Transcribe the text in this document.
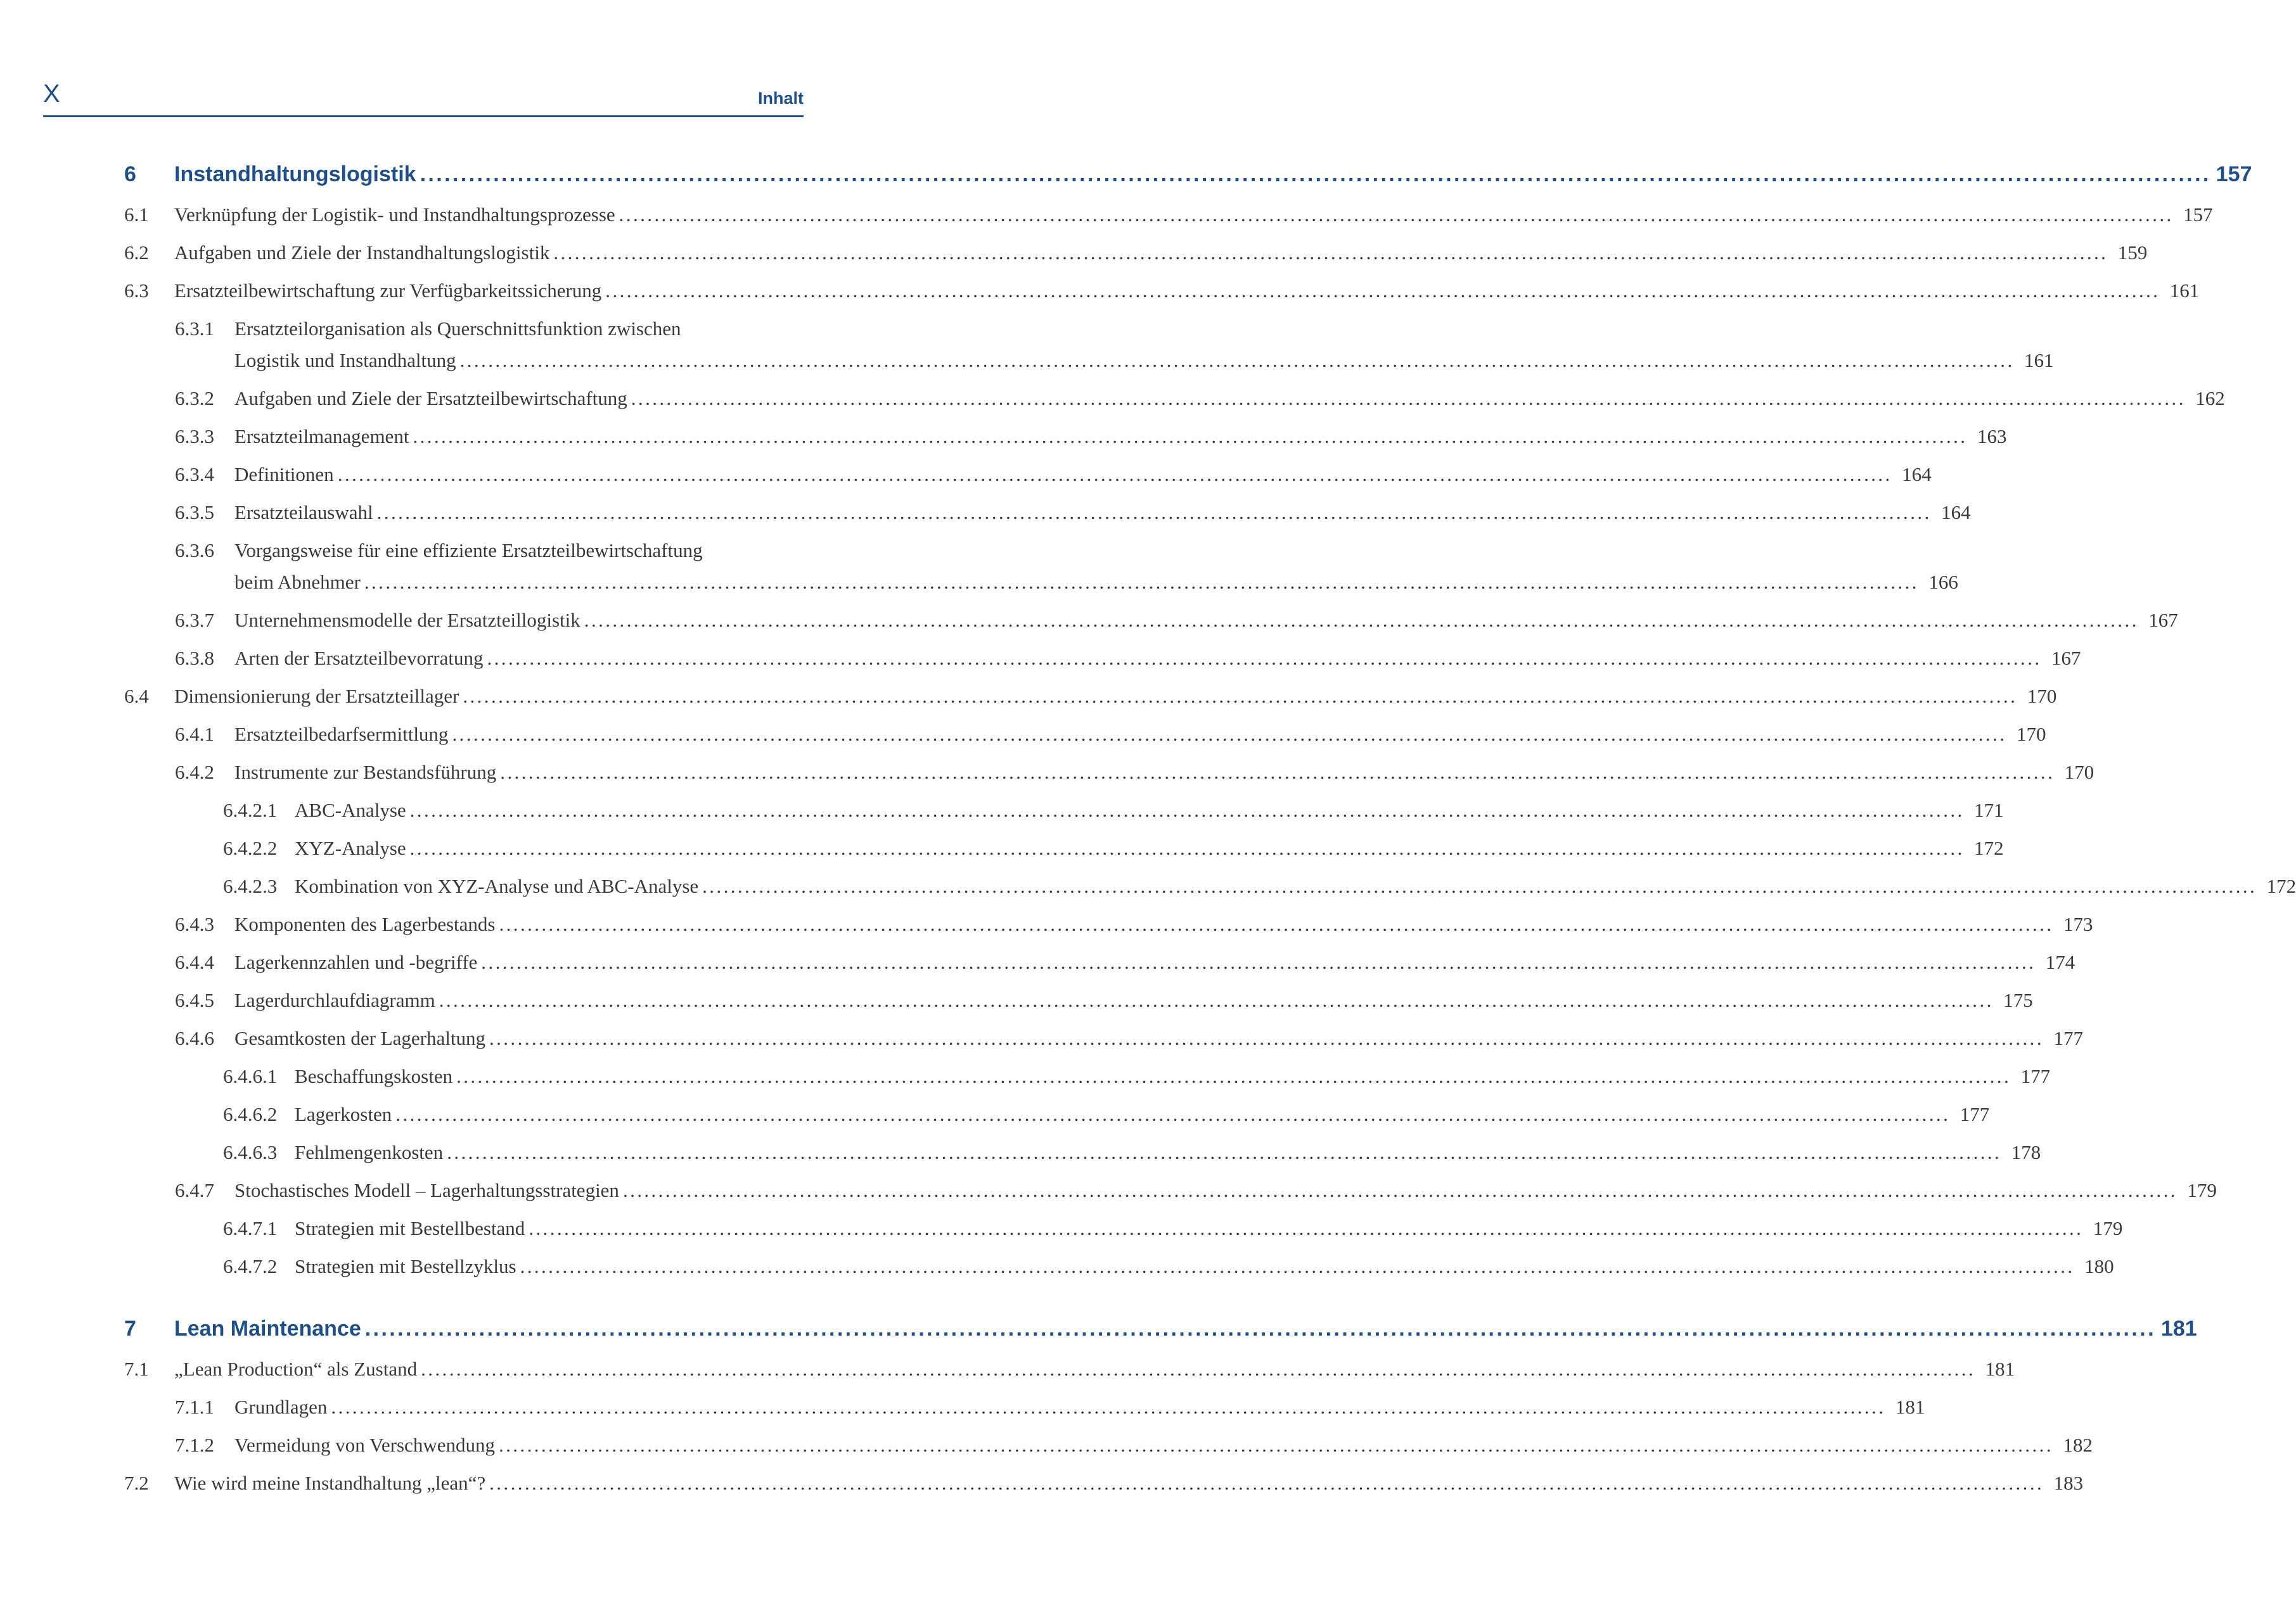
X	Inhalt
6 Instandhaltungslogistik ............................................................................................................................................................................................................................ 157
6.1 Verknüpfung der Logistik- und Instandhaltungsprozesse ............................................................................................................................................................................................................................ 157
6.2 Aufgaben und Ziele der Instandhaltungslogistik ............................................................................................................................................................................................................................ 159
6.3 Ersatzteilbewirtschaftung zur Verfügbarkeitssicherung ............................................................................................................................................................................................................................ 161
6.3.1 Ersatzteilorganisation als Querschnittsfunktion zwischen
Logistik und Instandhaltung ............................................................................................................................................................................................................................ 161
6.3.2 Aufgaben und Ziele der Ersatzteilbewirtschaftung ............................................................................................................................................................................................................................ 162
6.3.3 Ersatzteilmanagement ............................................................................................................................................................................................................................ 163
6.3.4 Definitionen ............................................................................................................................................................................................................................ 164
6.3.5 Ersatzteilauswahl ............................................................................................................................................................................................................................ 164
6.3.6 Vorgangsweise für eine effiziente Ersatzteilbewirtschaftung
beim Abnehmer ............................................................................................................................................................................................................................ 166
6.3.7 Unternehmensmodelle der Ersatzteillogistik ............................................................................................................................................................................................................................ 167
6.3.8 Arten der Ersatzteilbevorratung ............................................................................................................................................................................................................................ 167
6.4 Dimensionierung der Ersatzteillager ............................................................................................................................................................................................................................ 170
6.4.1 Ersatzteilbedarfsermittlung ............................................................................................................................................................................................................................ 170
6.4.2 Instrumente zur Bestandsführung ............................................................................................................................................................................................................................ 170
6.4.2.1 ABC-Analyse ............................................................................................................................................................................................................................ 171
6.4.2.2 XYZ-Analyse ............................................................................................................................................................................................................................ 172
6.4.2.3 Kombination von XYZ-Analyse und ABC-Analyse ............................................................................................................................................................................................................................ 172
6.4.3 Komponenten des Lagerbestands ............................................................................................................................................................................................................................ 173
6.4.4 Lagerkennzahlen und -begriffe ............................................................................................................................................................................................................................ 174
6.4.5 Lagerdurchlaufdiagramm ............................................................................................................................................................................................................................ 175
6.4.6 Gesamtkosten der Lagerhaltung ............................................................................................................................................................................................................................ 177
6.4.6.1 Beschaffungskosten ............................................................................................................................................................................................................................ 177
6.4.6.2 Lagerkosten ............................................................................................................................................................................................................................ 177
6.4.6.3 Fehlmengenkosten ............................................................................................................................................................................................................................ 178
6.4.7 Stochastisches Modell – Lagerhaltungsstrategien ............................................................................................................................................................................................................................ 179
6.4.7.1 Strategien mit Bestellbestand ............................................................................................................................................................................................................................ 179
6.4.7.2 Strategien mit Bestellzyklus ............................................................................................................................................................................................................................ 180
7 Lean Maintenance ............................................................................................................................................................................................................................ 181
7.1 „Lean Production“ als Zustand ............................................................................................................................................................................................................................ 181
7.1.1 Grundlagen ............................................................................................................................................................................................................................ 181
7.1.2 Vermeidung von Verschwendung ............................................................................................................................................................................................................................ 182
7.2 Wie wird meine Instandhaltung „lean“? ............................................................................................................................................................................................................................ 183
